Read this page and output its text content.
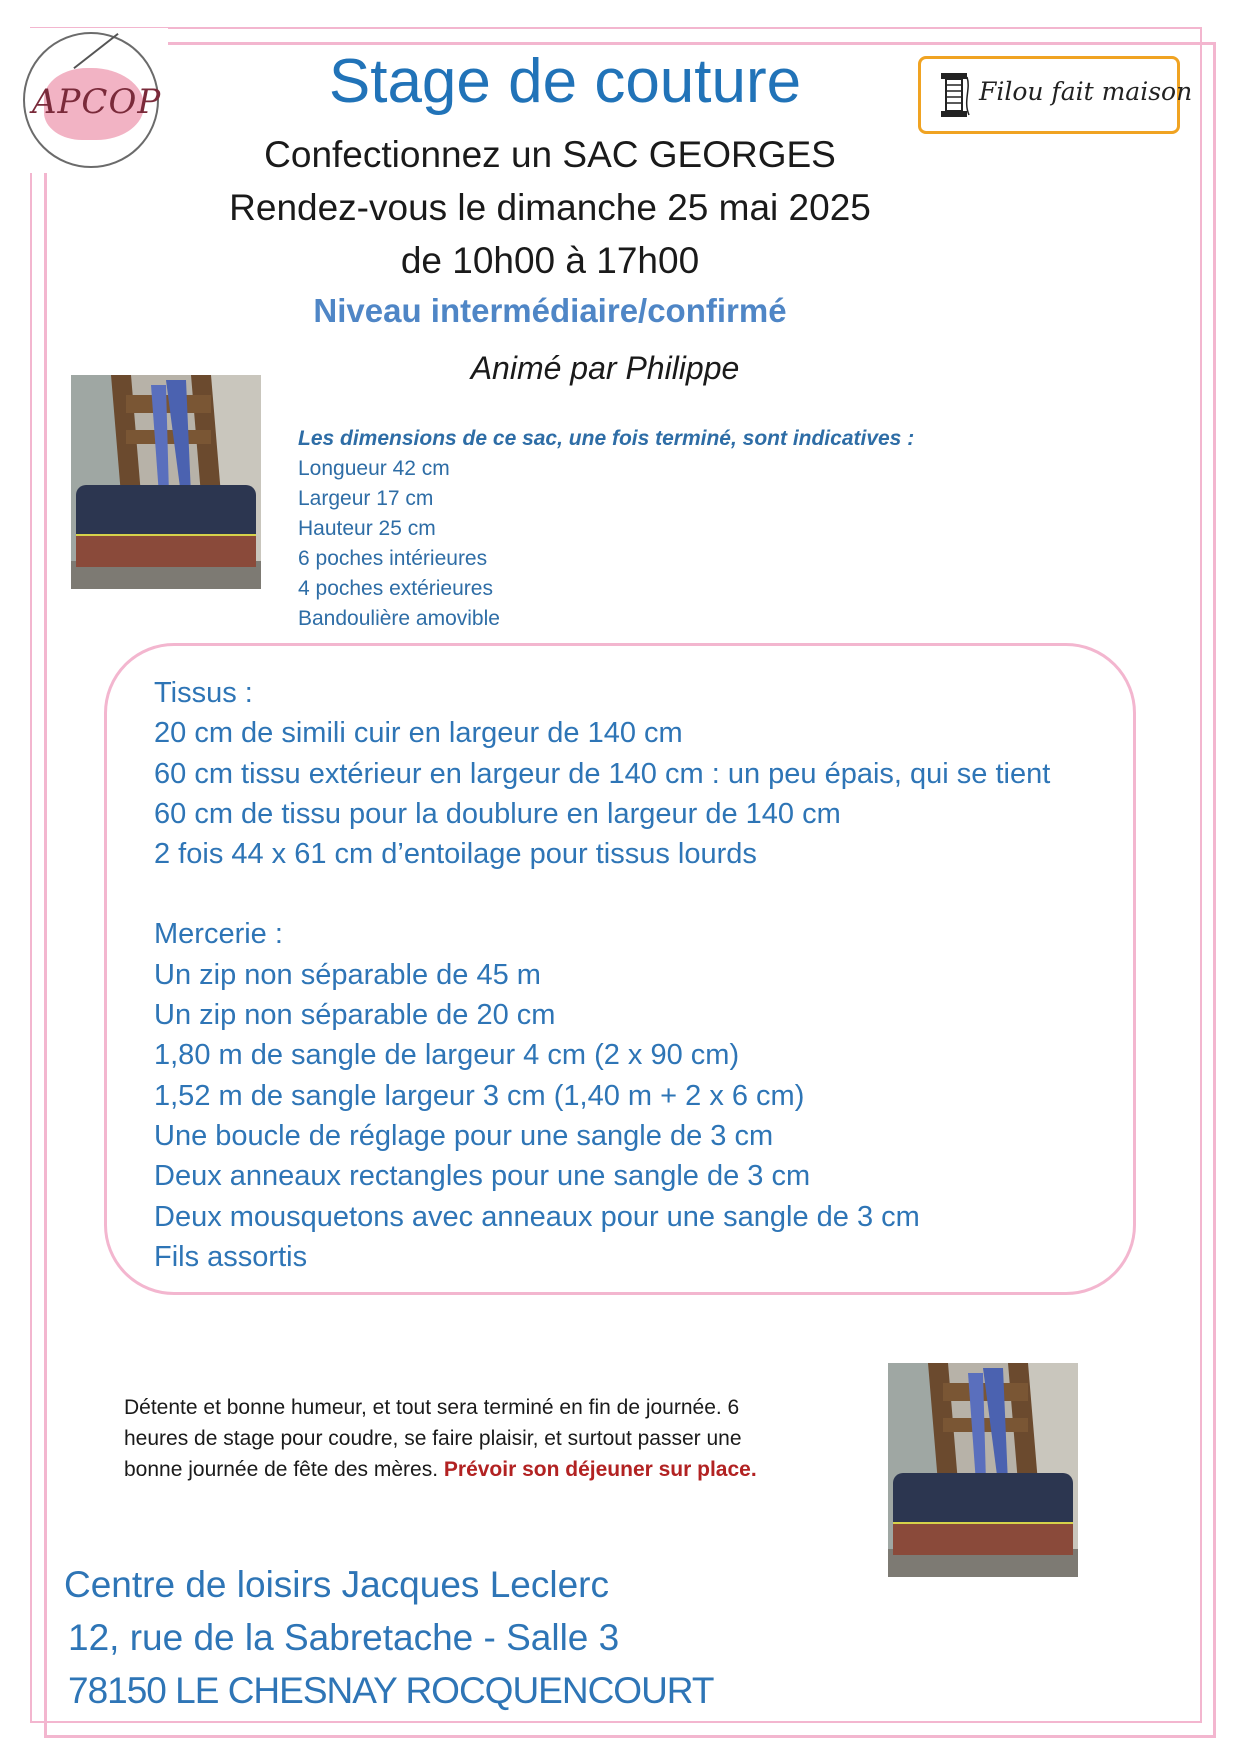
APCOP	Filou fait maison
Stage de couture
Confectionnez un SAC GEORGES
Rendez-vous le dimanche 25 mai 2025
de 10h00 à 17h00
Niveau intermédiaire/confirmé
Animé par Philippe
Les dimensions de ce sac, une fois terminé, sont indicatives :
Longueur 42 cm
Largeur 17 cm
Hauteur 25 cm
6 poches intérieures
4 poches extérieures
Bandoulière amovible
Tissus :
20 cm de simili cuir en largeur de 140 cm
60 cm tissu extérieur en largeur de 140 cm : un peu épais, qui se tient
60 cm de tissu pour la doublure en largeur de 140 cm
2 fois 44 x 61 cm d’entoilage pour tissus lourds
Mercerie :
Un zip non séparable de 45 m
Un zip non séparable de 20 cm
1,80 m de sangle de largeur 4 cm (2 x 90 cm)
1,52 m de sangle largeur 3 cm (1,40 m + 2 x 6 cm)
Une boucle de réglage pour une sangle de 3 cm
Deux anneaux rectangles pour une sangle de 3 cm
Deux mousquetons avec anneaux pour une sangle de 3 cm
Fils assortis
Détente et bonne humeur, et tout sera terminé en fin de journée. 6 heures de stage pour coudre, se faire plaisir, et surtout passer une bonne journée de fête des mères. Prévoir son déjeuner sur place.
Centre de loisirs Jacques Leclerc
12, rue de la Sabretache - Salle 3
78150 LE CHESNAY ROCQUENCOURT
